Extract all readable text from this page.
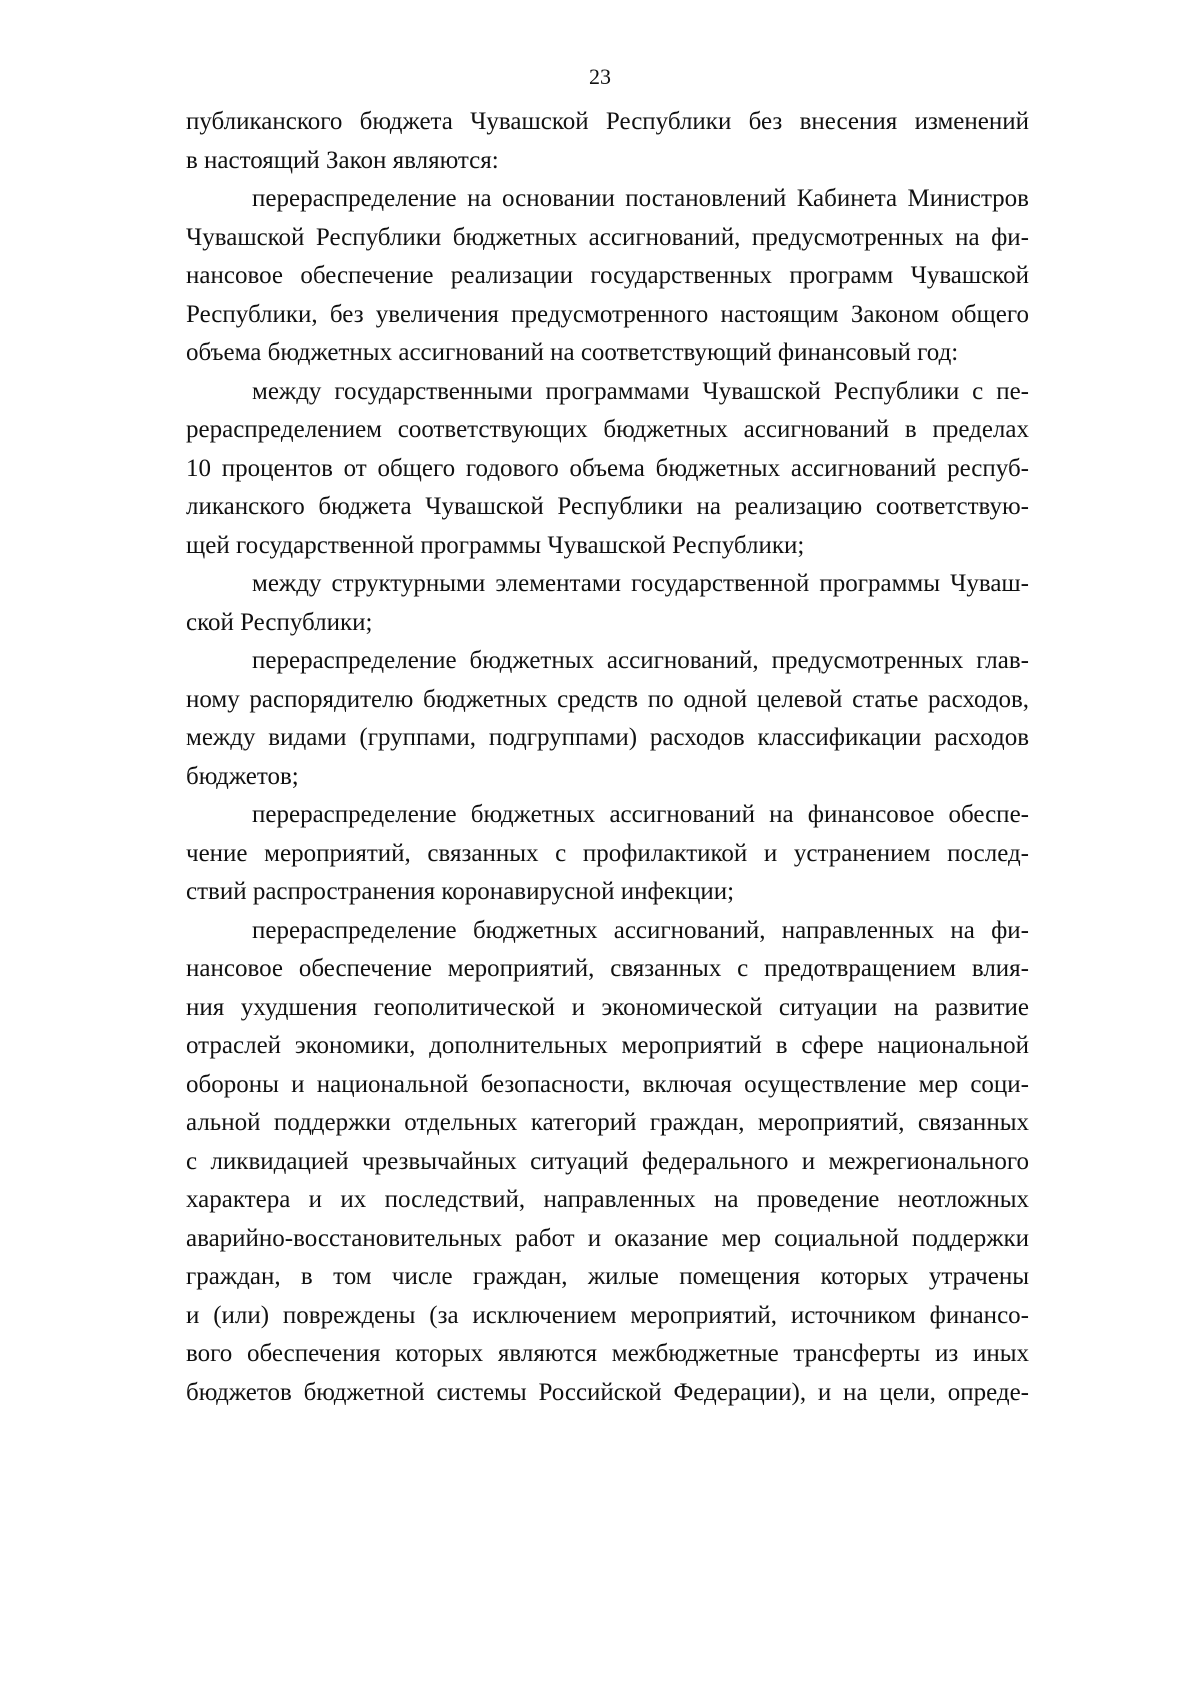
23
публиканского бюджета Чувашской Республики без внесения изменений
в настоящий Закон являются:
перераспределение на основании постановлений Кабинета Министров
Чувашской Республики бюджетных ассигнований, предусмотренных на фи-
нансовое обеспечение реализации государственных программ Чувашской
Республики, без увеличения предусмотренного настоящим Законом общего
объема бюджетных ассигнований на соответствующий финансовый год:
между государственными программами Чувашской Республики с пе-
рераспределением соответствующих бюджетных ассигнований в пределах
10 процентов от общего годового объема бюджетных ассигнований респуб-
ликанского бюджета Чувашской Республики на реализацию соответствую-
щей государственной программы Чувашской Республики;
между структурными элементами государственной программы Чуваш-
ской Республики;
перераспределение бюджетных ассигнований, предусмотренных глав-
ному распорядителю бюджетных средств по одной целевой статье расходов,
между видами (группами, подгруппами) расходов классификации расходов
бюджетов;
перераспределение бюджетных ассигнований на финансовое обеспе-
чение мероприятий, связанных с профилактикой и устранением послед-
ствий распространения коронавирусной инфекции;
перераспределение бюджетных ассигнований, направленных на фи-
нансовое обеспечение мероприятий, связанных с предотвращением влия-
ния ухудшения геополитической и экономической ситуации на развитие
отраслей экономики, дополнительных мероприятий в сфере национальной
обороны и национальной безопасности, включая осуществление мер соци-
альной поддержки отдельных категорий граждан, мероприятий, связанных
с ликвидацией чрезвычайных ситуаций федерального и межрегионального
характера и их последствий, направленных на проведение неотложных
аварийно-восстановительных работ и оказание мер социальной поддержки
граждан, в том числе граждан, жилые помещения которых утрачены
и (или) повреждены (за исключением мероприятий, источником финансо-
вого обеспечения которых являются межбюджетные трансферты из иных
бюджетов бюджетной системы Российской Федерации), и на цели, опреде-
